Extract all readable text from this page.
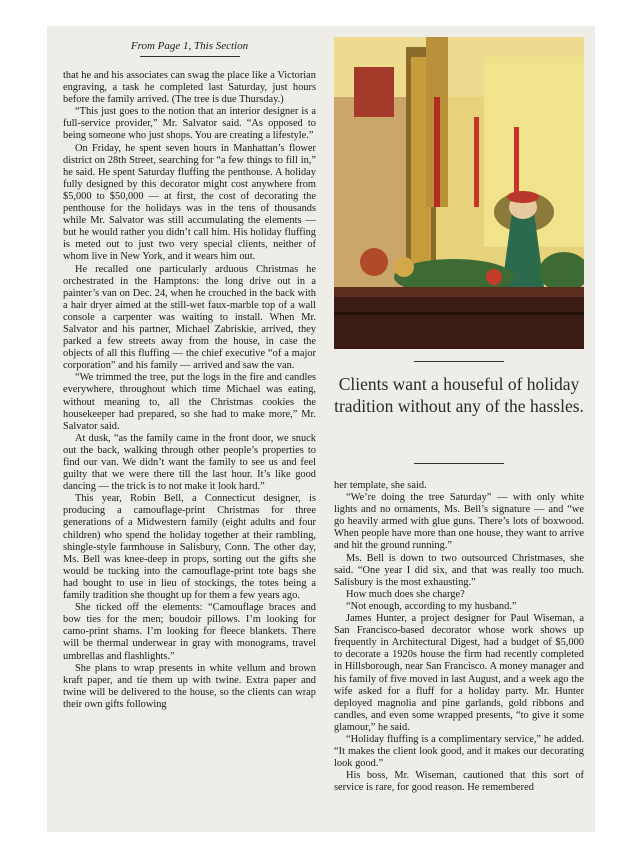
From Page 1, This Section

that he and his associates can swag the place like a Victorian engraving, a task he completed last Saturday, just hours before the family arrived. (The tree is due Thursday.)

“This just goes to the notion that an interior designer is a full-service provider,” Mr. Salvator said. “As opposed to being someone who just shops. You are creating a lifestyle.”

On Friday, he spent seven hours in Manhattan’s flower district on 28th Street, searching for “a few things to fill in,” he said. He spent Saturday fluffing the penthouse. A holiday fully designed by this decorator might cost anywhere from $5,000 to $50,000 — at first, the cost of decorating the penthouse for the holidays was in the tens of thousands while Mr. Salvator was still accumulating the elements — but he would rather you didn’t call him. His holiday fluffing is meted out to just two very special clients, neither of whom live in New York, and it wears him out.

He recalled one particularly arduous Christmas he orchestrated in the Hamptons: the long drive out in a painter’s van on Dec. 24, when he crouched in the back with a hair dryer aimed at the still-wet faux-marble top of a wall console a carpenter was waiting to install. When Mr. Salvator and his partner, Michael Zabriskie, arrived, they parked a few streets away from the house, in case the objects of all this fluffing — the chief executive “of a major corporation” and his family — arrived and saw the van.

“We trimmed the tree, put the logs in the fire and candles everywhere, throughout which time Michael was eating, without meaning to, all the Christmas cookies the housekeeper had prepared, so she had to make more,” Mr. Salvator said.

At dusk, “as the family came in the front door, we snuck out the back, walking through other people’s properties to find our van. We didn’t want the family to see us and feel guilty that we were there till the last hour. It’s like good dancing — the trick is to not make it look hard.”

This year, Robin Bell, a Connecticut designer, is producing a camouflage-print Christmas for three generations of a Midwestern family (eight adults and four children) who spend the holiday together at their rambling, shingle-style farmhouse in Salisbury, Conn. The other day, Ms. Bell was knee-deep in props, sorting out the gifts she would be tucking into the camouflage-print tote bags she had bought to use in lieu of stockings, the totes being a family tradition she thought up for them a few years ago.

She ticked off the elements: “Camouflage braces and bow ties for the men; boudoir pillows. I’m looking for camo-print shams. I’m looking for fleece blankets. There will be thermal underwear in gray with monograms, travel umbrellas and flashlights.”

She plans to wrap presents in white vellum and brown kraft paper, and tie them up with twine. Extra paper and twine will be delivered to the house, so the clients can wrap their own gifts following

Clients want a houseful of holiday tradition without any of the hassles.

her template, she said.

“We’re doing the tree Saturday” — with only white lights and no ornaments, Ms. Bell’s signature — and “we go heavily armed with glue guns. There’s lots of boxwood. When people have more than one house, they want to arrive and hit the ground running.”

Ms. Bell is down to two outsourced Christmases, she said. “One year I did six, and that was really too much. Salisbury is the most exhausting.”

How much does she charge?

“Not enough, according to my husband.”

James Hunter, a project designer for Paul Wiseman, a San Francisco-based decorator whose work shows up frequently in Architectural Digest, had a budget of $5,000 to decorate a 1920s house the firm had recently completed in Hillsborough, near San Francisco. A money manager and his family of five moved in last August, and a week ago the wife asked for a fluff for a holiday party. Mr. Hunter deployed magnolia and pine garlands, gold ribbons and candles, and even some wrapped presents, “to give it some glamour,” he said.

“Holiday fluffing is a complimentary service,” he added. “It makes the client look good, and it makes our decorating look good.”

His boss, Mr. Wiseman, cautioned that this sort of service is rare, for good reason. He remembered
